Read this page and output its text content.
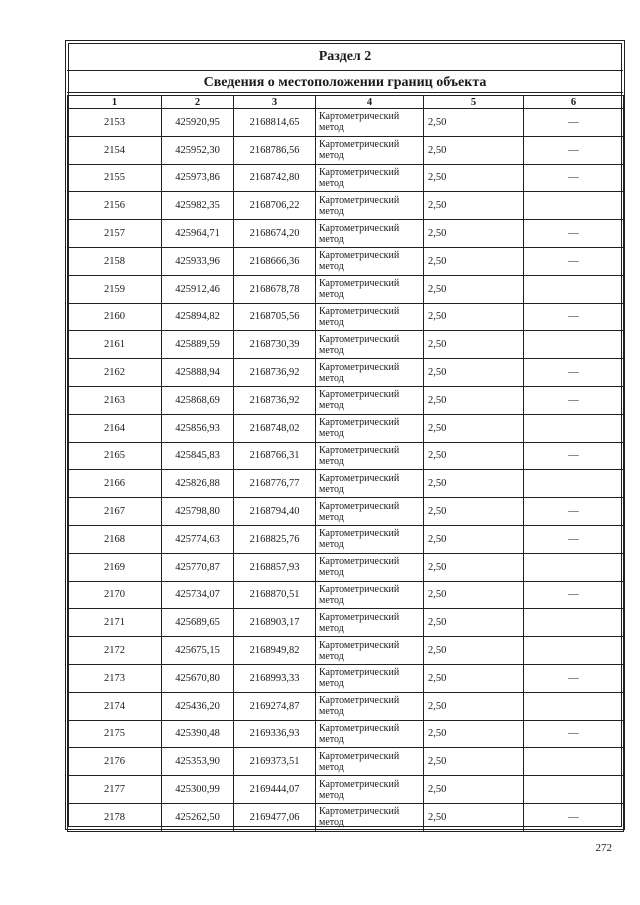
Раздел 2
Сведения о местоположении границ объекта
1	2	3	4	5	6
2153	425920,95	2168814,65	Картометрический метод	2,50	—
2154	425952,30	2168786,56	Картометрический метод	2,50	—
2155	425973,86	2168742,80	Картометрический метод	2,50	—
2156	425982,35	2168706,22	Картометрический метод	2,50	
2157	425964,71	2168674,20	Картометрический метод	2,50	—
2158	425933,96	2168666,36	Картометрический метод	2,50	—
2159	425912,46	2168678,78	Картометрический метод	2,50	
2160	425894,82	2168705,56	Картометрический метод	2,50	—
2161	425889,59	2168730,39	Картометрический метод	2,50	
2162	425888,94	2168736,92	Картометрический метод	2,50	—
2163	425868,69	2168736,92	Картометрический метод	2,50	—
2164	425856,93	2168748,02	Картометрический метод	2,50	
2165	425845,83	2168766,31	Картометрический метод	2,50	—
2166	425826,88	2168776,77	Картометрический метод	2,50	
2167	425798,80	2168794,40	Картометрический метод	2,50	—
2168	425774,63	2168825,76	Картометрический метод	2,50	—
2169	425770,87	2168857,93	Картометрический метод	2,50	
2170	425734,07	2168870,51	Картометрический метод	2,50	—
2171	425689,65	2168903,17	Картометрический метод	2,50	
2172	425675,15	2168949,82	Картометрический метод	2,50	
2173	425670,80	2168993,33	Картометрический метод	2,50	—
2174	425436,20	2169274,87	Картометрический метод	2,50	
2175	425390,48	2169336,93	Картометрический метод	2,50	—
2176	425353,90	2169373,51	Картометрический метод	2,50	
2177	425300,99	2169444,07	Картометрический метод	2,50	
2178	425262,50	2169477,06	Картометрический метод	2,50	—
272
